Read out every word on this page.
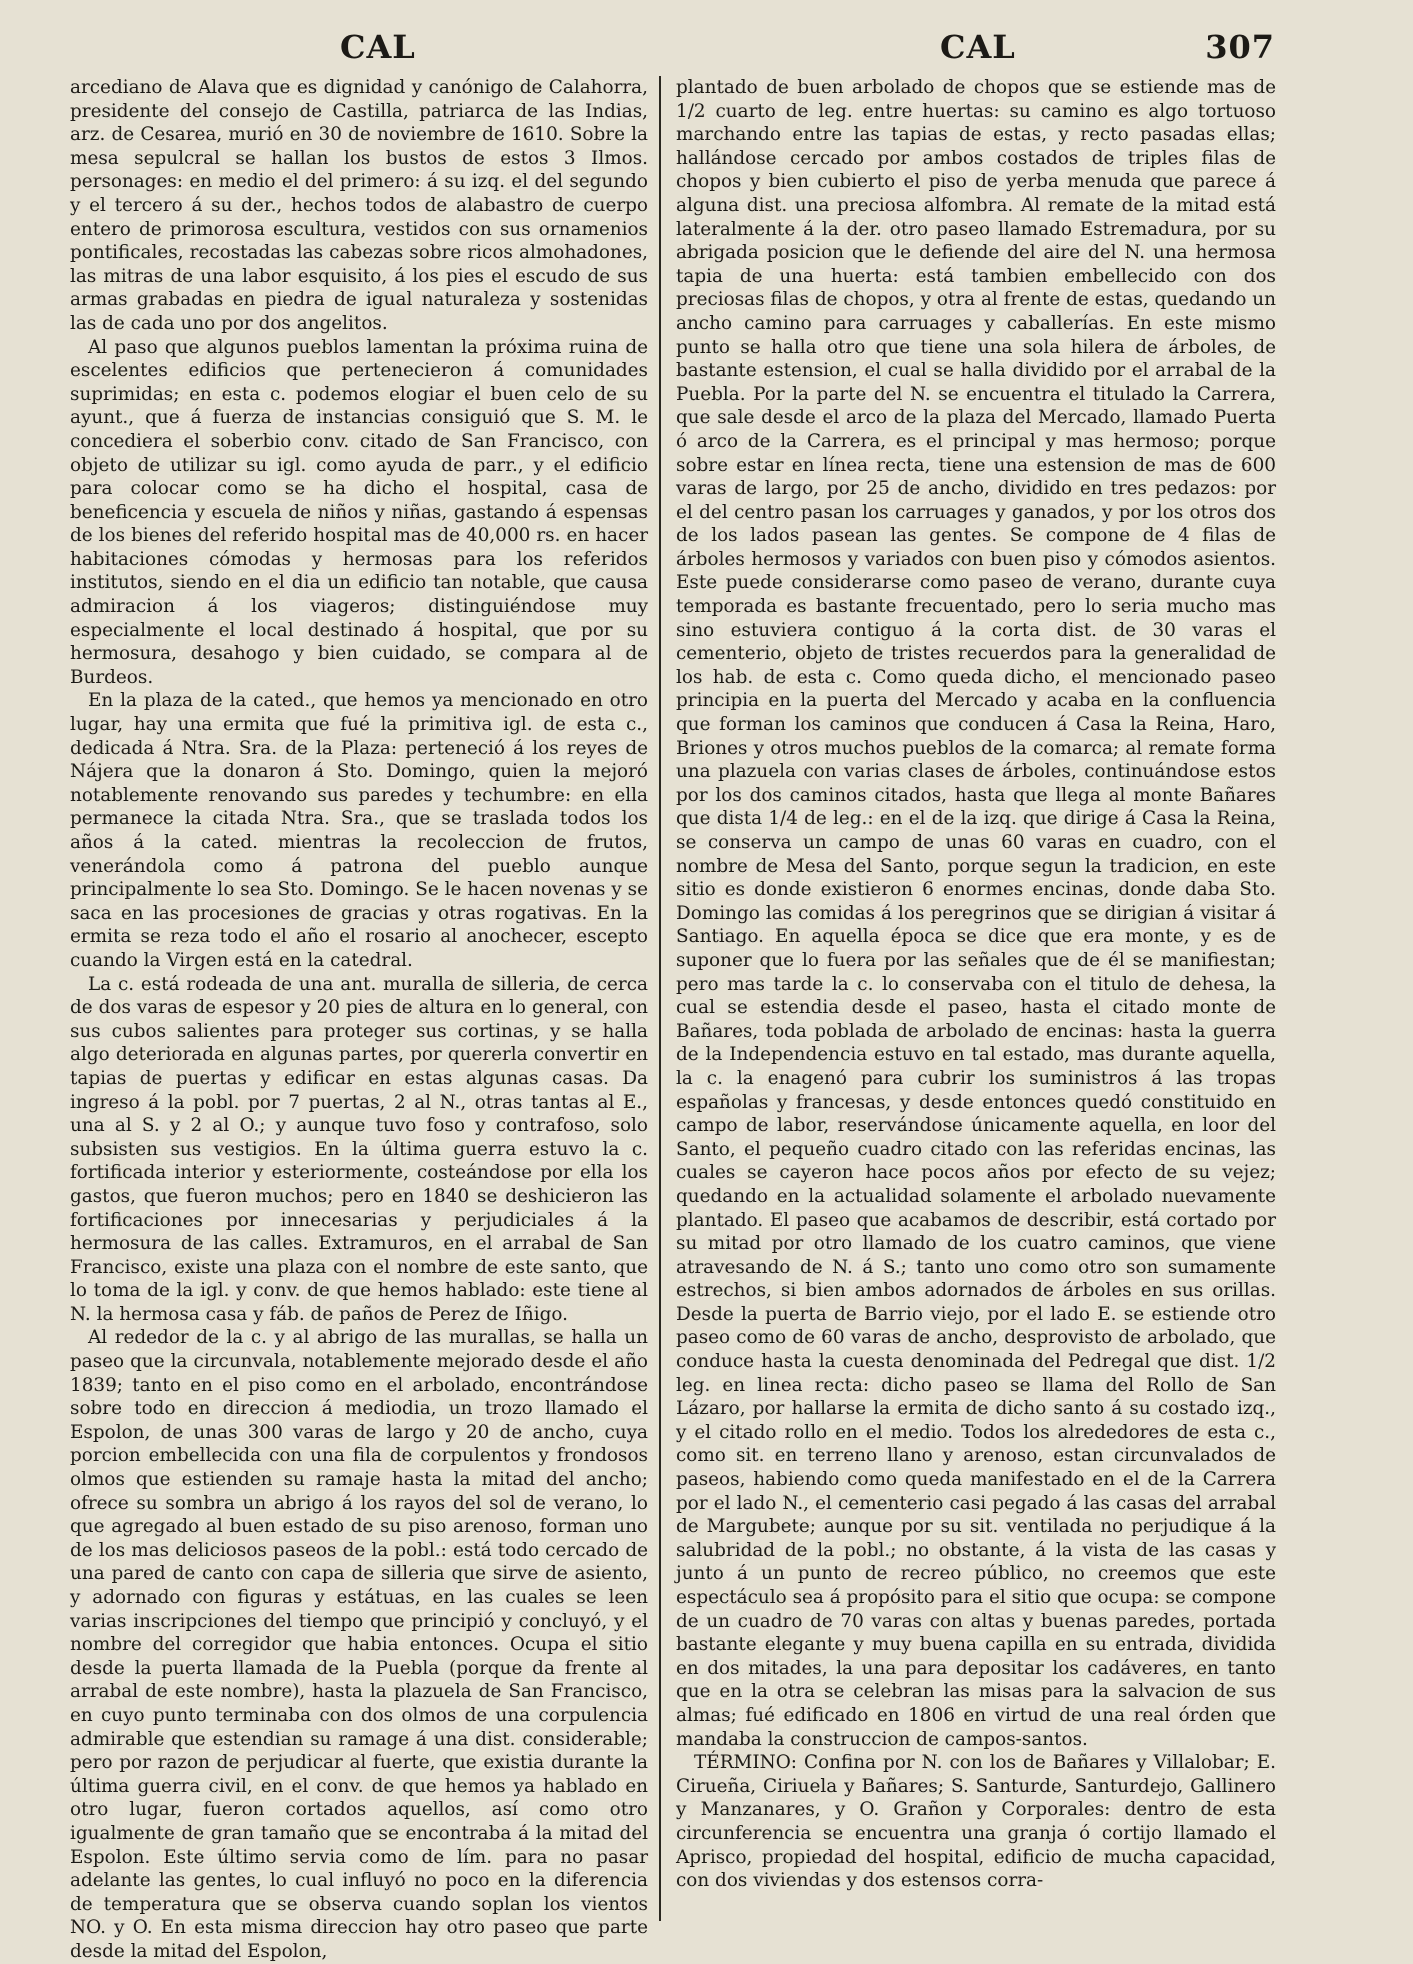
CAL	CAL	307

arcediano de Alava que es dignidad y canónigo de Calahorra, presidente del consejo de Castilla, patriarca de las Indias, arz. de Cesarea, murió en 30 de noviembre de 1610. Sobre la mesa sepulcral se hallan los bustos de estos 3 Ilmos. personages: en medio el del primero: á su izq. el del segundo y el tercero á su der., hechos todos de alabastro de cuerpo entero de primorosa escultura, vestidos con sus ornamenios pontificales, recostadas las cabezas sobre ricos almohadones, las mitras de una labor esquisito, á los pies el escudo de sus armas grabadas en piedra de igual naturaleza y sostenidas las de cada uno por dos angelitos.

Al paso que algunos pueblos lamentan la próxima ruina de escelentes edificios que pertenecieron á comunidades suprimidas; en esta c. podemos elogiar el buen celo de su ayunt., que á fuerza de instancias consiguió que S. M. le concediera el soberbio conv. citado de San Francisco, con objeto de utilizar su igl. como ayuda de parr., y el edificio para colocar como se ha dicho el hospital, casa de beneficencia y escuela de niños y niñas, gastando á espensas de los bienes del referido hospital mas de 40,000 rs. en hacer habitaciones cómodas y hermosas para los referidos institutos, siendo en el dia un edificio tan notable, que causa admiracion á los viageros; distinguiéndose muy especialmente el local destinado á hospital, que por su hermosura, desahogo y bien cuidado, se compara al de Burdeos.

En la plaza de la cated., que hemos ya mencionado en otro lugar, hay una ermita que fué la primitiva igl. de esta c., dedicada á Ntra. Sra. de la Plaza: perteneció á los reyes de Nájera que la donaron á Sto. Domingo, quien la mejoró notablemente renovando sus paredes y techumbre: en ella permanece la citada Ntra. Sra., que se traslada todos los años á la cated. mientras la recoleccion de frutos, venerándola como á patrona del pueblo aunque principalmente lo sea Sto. Domingo. Se le hacen novenas y se saca en las procesiones de gracias y otras rogativas. En la ermita se reza todo el año el rosario al anochecer, escepto cuando la Virgen está en la catedral.

La c. está rodeada de una ant. muralla de silleria, de cerca de dos varas de espesor y 20 pies de altura en lo general, con sus cubos salientes para proteger sus cortinas, y se halla algo deteriorada en algunas partes, por quererla convertir en tapias de puertas y edificar en estas algunas casas. Da ingreso á la pobl. por 7 puertas, 2 al N., otras tantas al E., una al S. y 2 al O.; y aunque tuvo foso y contrafoso, solo subsisten sus vestigios. En la última guerra estuvo la c. fortificada interior y esteriormente, costeándose por ella los gastos, que fueron muchos; pero en 1840 se deshicieron las fortificaciones por innecesarias y perjudiciales á la hermosura de las calles. Extramuros, en el arrabal de San Francisco, existe una plaza con el nombre de este santo, que lo toma de la igl. y conv. de que hemos hablado: este tiene al N. la hermosa casa y fáb. de paños de Perez de Iñigo.

Al rededor de la c. y al abrigo de las murallas, se halla un paseo que la circunvala, notablemente mejorado desde el año 1839; tanto en el piso como en el arbolado, encontrándose sobre todo en direccion á mediodia, un trozo llamado el Espolon, de unas 300 varas de largo y 20 de ancho, cuya porcion embellecida con una fila de corpulentos y frondosos olmos que estienden su ramaje hasta la mitad del ancho; ofrece su sombra un abrigo á los rayos del sol de verano, lo que agregado al buen estado de su piso arenoso, forman uno de los mas deliciosos paseos de la pobl.: está todo cercado de una pared de canto con capa de silleria que sirve de asiento, y adornado con figuras y estátuas, en las cuales se leen varias inscripciones del tiempo que principió y concluyó, y el nombre del corregidor que habia entonces. Ocupa el sitio desde la puerta llamada de la Puebla (porque da frente al arrabal de este nombre), hasta la plazuela de San Francisco, en cuyo punto terminaba con dos olmos de una corpulencia admirable que estendian su ramage á una dist. considerable; pero por razon de perjudicar al fuerte, que existia durante la última guerra civil, en el conv. de que hemos ya hablado en otro lugar, fueron cortados aquellos, así como otro igualmente de gran tamaño que se encontraba á la mitad del Espolon. Este último servia como de lím. para no pasar adelante las gentes, lo cual influyó no poco en la diferencia de temperatura que se observa cuando soplan los vientos NO. y O. En esta misma direccion hay otro paseo que parte desde la mitad del Espolon,

plantado de buen arbolado de chopos que se estiende mas de 1/2 cuarto de leg. entre huertas: su camino es algo tortuoso marchando entre las tapias de estas, y recto pasadas ellas; hallándose cercado por ambos costados de triples filas de chopos y bien cubierto el piso de yerba menuda que parece á alguna dist. una preciosa alfombra. Al remate de la mitad está lateralmente á la der. otro paseo llamado Estremadura, por su abrigada posicion que le defiende del aire del N. una hermosa tapia de una huerta: está tambien embellecido con dos preciosas filas de chopos, y otra al frente de estas, quedando un ancho camino para carruages y caballerías. En este mismo punto se halla otro que tiene una sola hilera de árboles, de bastante estension, el cual se halla dividido por el arrabal de la Puebla. Por la parte del N. se encuentra el titulado la Carrera, que sale desde el arco de la plaza del Mercado, llamado Puerta ó arco de la Carrera, es el principal y mas hermoso; porque sobre estar en línea recta, tiene una estension de mas de 600 varas de largo, por 25 de ancho, dividido en tres pedazos: por el del centro pasan los carruages y ganados, y por los otros dos de los lados pasean las gentes. Se compone de 4 filas de árboles hermosos y variados con buen piso y cómodos asientos. Este puede considerarse como paseo de verano, durante cuya temporada es bastante frecuentado, pero lo seria mucho mas sino estuviera contiguo á la corta dist. de 30 varas el cementerio, objeto de tristes recuerdos para la generalidad de los hab. de esta c. Como queda dicho, el mencionado paseo principia en la puerta del Mercado y acaba en la confluencia que forman los caminos que conducen á Casa la Reina, Haro, Briones y otros muchos pueblos de la comarca; al remate forma una plazuela con varias clases de árboles, continuándose estos por los dos caminos citados, hasta que llega al monte Bañares que dista 1/4 de leg.: en el de la izq. que dirige á Casa la Reina, se conserva un campo de unas 60 varas en cuadro, con el nombre de Mesa del Santo, porque segun la tradicion, en este sitio es donde existieron 6 enormes encinas, donde daba Sto. Domingo las comidas á los peregrinos que se dirigian á visitar á Santiago. En aquella época se dice que era monte, y es de suponer que lo fuera por las señales que de él se manifiestan; pero mas tarde la c. lo conservaba con el titulo de dehesa, la cual se estendia desde el paseo, hasta el citado monte de Bañares, toda poblada de arbolado de encinas: hasta la guerra de la Independencia estuvo en tal estado, mas durante aquella, la c. la enagenó para cubrir los suministros á las tropas españolas y francesas, y desde entonces quedó constituido en campo de labor, reservándose únicamente aquella, en loor del Santo, el pequeño cuadro citado con las referidas encinas, las cuales se cayeron hace pocos años por efecto de su vejez; quedando en la actualidad solamente el arbolado nuevamente plantado. El paseo que acabamos de describir, está cortado por su mitad por otro llamado de los cuatro caminos, que viene atravesando de N. á S.; tanto uno como otro son sumamente estrechos, si bien ambos adornados de árboles en sus orillas. Desde la puerta de Barrio viejo, por el lado E. se estiende otro paseo como de 60 varas de ancho, desprovisto de arbolado, que conduce hasta la cuesta denominada del Pedregal que dist. 1/2 leg. en linea recta: dicho paseo se llama del Rollo de San Lázaro, por hallarse la ermita de dicho santo á su costado izq., y el citado rollo en el medio. Todos los alrededores de esta c., como sit. en terreno llano y arenoso, estan circunvalados de paseos, habiendo como queda manifestado en el de la Carrera por el lado N., el cementerio casi pegado á las casas del arrabal de Margubete; aunque por su sit. ventilada no perjudique á la salubridad de la pobl.; no obstante, á la vista de las casas y junto á un punto de recreo público, no creemos que este espectáculo sea á propósito para el sitio que ocupa: se compone de un cuadro de 70 varas con altas y buenas paredes, portada bastante elegante y muy buena capilla en su entrada, dividida en dos mitades, la una para depositar los cadáveres, en tanto que en la otra se celebran las misas para la salvacion de sus almas; fué edificado en 1806 en virtud de una real órden que mandaba la construccion de campos-santos.

TÉRMINO: Confina por N. con los de Bañares y Villalobar; E. Cirueña, Ciriuela y Bañares; S. Santurde, Santurdejo, Gallinero y Manzanares, y O. Grañon y Corporales: dentro de esta circunferencia se encuentra una granja ó cortijo llamado el Aprisco, propiedad del hospital, edificio de mucha capacidad, con dos viviendas y dos estensos corra-
